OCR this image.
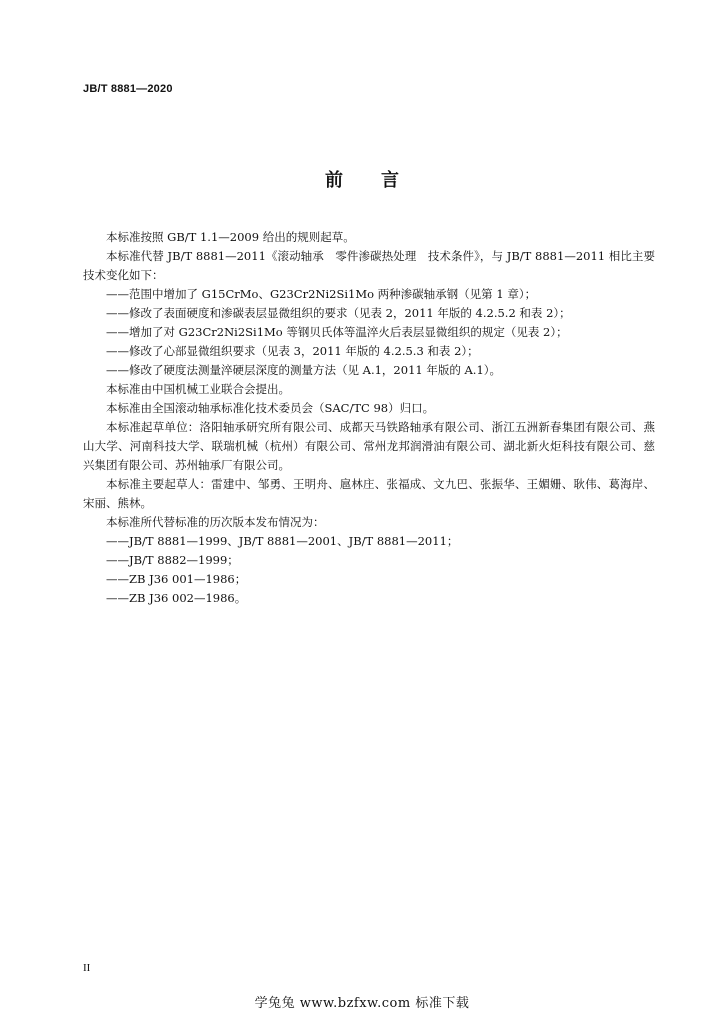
JB/T 8881—2020
前言
本标准按照 GB/T 1.1—2009 给出的规则起草。
本标准代替 JB/T 8881—2011《滚动轴承　零件渗碳热处理　技术条件》，与 JB/T 8881—2011 相比主要技术变化如下：
——范围中增加了 G15CrMo、G23Cr2Ni2Si1Mo 两种渗碳轴承钢（见第 1 章）；
——修改了表面硬度和渗碳表层显微组织的要求（见表 2，2011 年版的 4.2.5.2 和表 2）；
——增加了对 G23Cr2Ni2Si1Mo 等钢贝氏体等温淬火后表层显微组织的规定（见表 2）；
——修改了心部显微组织要求（见表 3，2011 年版的 4.2.5.3 和表 2）；
——修改了硬度法测量淬硬层深度的测量方法（见 A.1，2011 年版的 A.1）。
本标准由中国机械工业联合会提出。
本标准由全国滚动轴承标准化技术委员会（SAC/TC 98）归口。
本标准起草单位：洛阳轴承研究所有限公司、成都天马铁路轴承有限公司、浙江五洲新春集团有限公司、燕山大学、河南科技大学、联瑞机械（杭州）有限公司、常州龙邦润滑油有限公司、湖北新火炬科技有限公司、慈兴集团有限公司、苏州轴承厂有限公司。
本标准主要起草人：雷建中、邹勇、王明舟、扈林庄、张福成、文九巴、张振华、王媚姗、耿伟、葛海岸、宋丽、熊林。
本标准所代替标准的历次版本发布情况为：
——JB/T 8881—1999、JB/T 8881—2001、JB/T 8881—2011；
——JB/T 8882—1999；
——ZB J36 001—1986；
——ZB J36 002—1986。
II
学兔兔 www.bzfxw.com 标准下载
